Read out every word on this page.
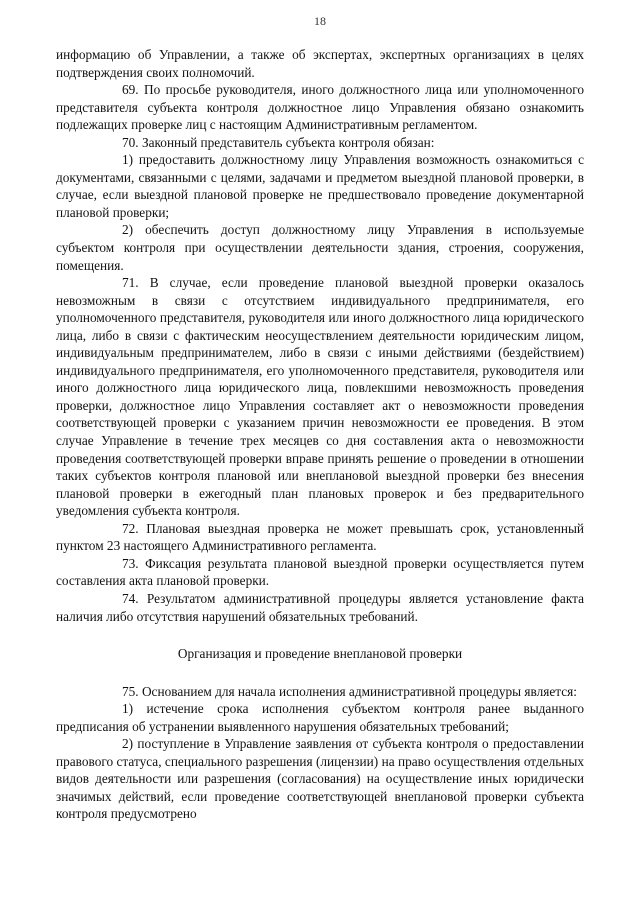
18

информацию об Управлении, а также об экспертах, экспертных организациях в целях подтверждения своих полномочий.

69. По просьбе руководителя, иного должностного лица или уполномоченного представителя субъекта контроля должностное лицо Управления обязано ознакомить подлежащих проверке лиц с настоящим Административным регламентом.

70. Законный представитель субъекта контроля обязан:

1) предоставить должностному лицу Управления возможность ознакомиться с документами, связанными с целями, задачами и предметом выездной плановой проверки, в случае, если выездной плановой проверке не предшествовало проведение документарной плановой проверки;

2) обеспечить доступ должностному лицу Управления в используемые субъектом контроля при осуществлении деятельности здания, строения, сооружения, помещения.

71. В случае, если проведение плановой выездной проверки оказалось невозможным в связи с отсутствием индивидуального предпринимателя, его уполномоченного представителя, руководителя или иного должностного лица юридического лица, либо в связи с фактическим неосуществлением деятельности юридическим лицом, индивидуальным предпринимателем, либо в связи с иными действиями (бездействием) индивидуального предпринимателя, его уполномоченного представителя, руководителя или иного должностного лица юридического лица, повлекшими невозможность проведения проверки, должностное лицо Управления составляет акт о невозможности проведения соответствующей проверки с указанием причин невозможности ее проведения. В этом случае Управление в течение трех месяцев со дня составления акта о невозможности проведения соответствующей проверки вправе принять решение о проведении в отношении таких субъектов контроля плановой или внеплановой выездной проверки без внесения плановой проверки в ежегодный план плановых проверок и без предварительного уведомления субъекта контроля.

72. Плановая выездная проверка не может превышать срок, установленный пунктом 23 настоящего Административного регламента.

73. Фиксация результата плановой выездной проверки осуществляется путем составления акта плановой проверки.

74. Результатом административной процедуры является установление факта наличия либо отсутствия нарушений обязательных требований.

Организация и проведение внеплановой проверки

75. Основанием для начала исполнения административной процедуры является:

1) истечение срока исполнения субъектом контроля ранее выданного предписания об устранении выявленного нарушения обязательных требований;

2) поступление в Управление заявления от субъекта контроля о предоставлении правового статуса, специального разрешения (лицензии) на право осуществления отдельных видов деятельности или разрешения (согласования) на осуществление иных юридически значимых действий, если проведение соответствующей внеплановой проверки субъекта контроля предусмотрено
